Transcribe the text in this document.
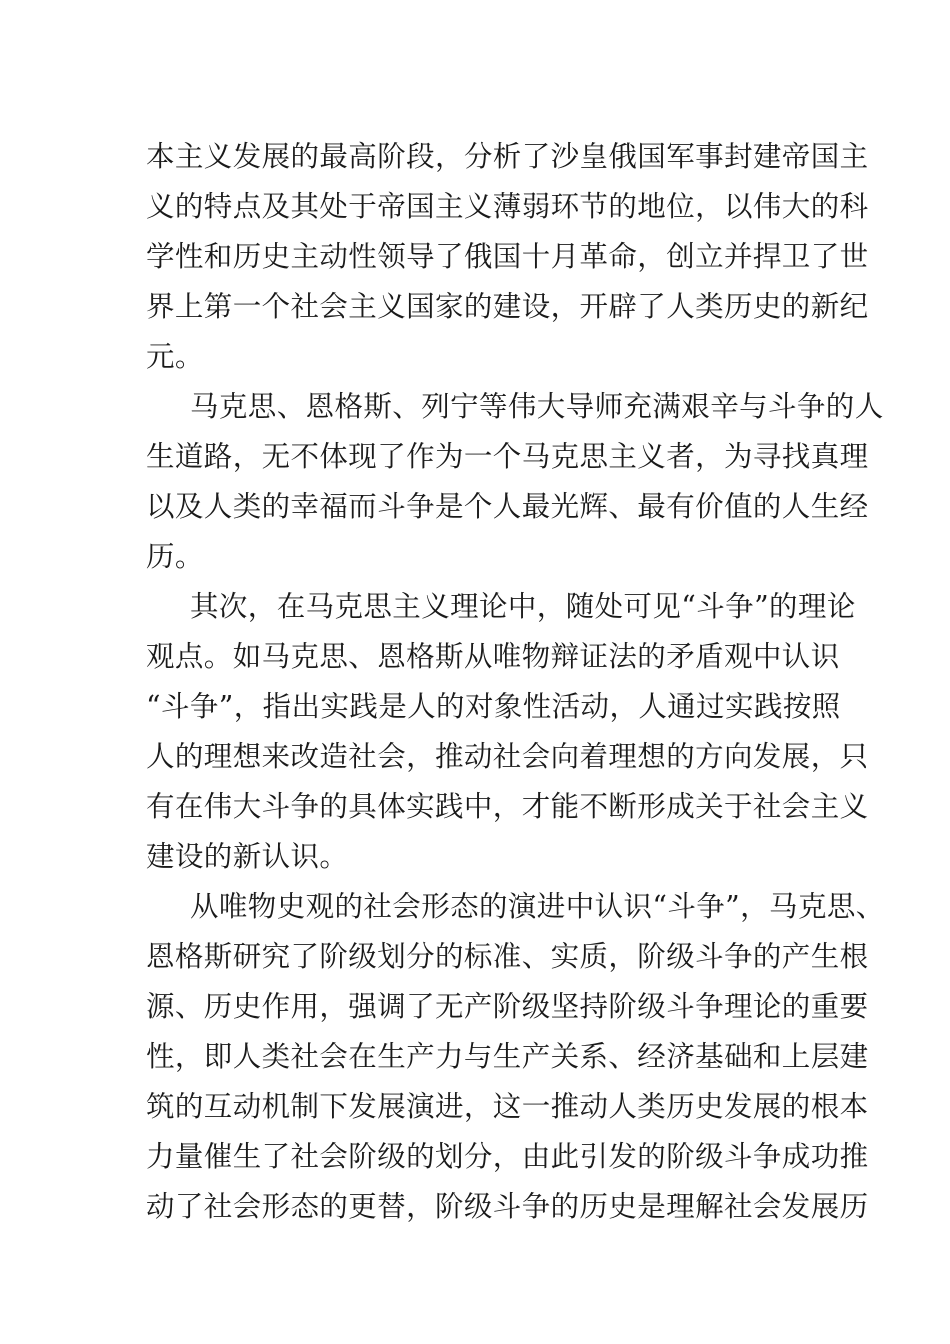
本主义发展的最高阶段，分析了沙皇俄国军事封建帝国主
义的特点及其处于帝国主义薄弱环节的地位，以伟大的科
学性和历史主动性领导了俄国十月革命，创立并捍卫了世
界上第一个社会主义国家的建设，开辟了人类历史的新纪
元。
马克思、恩格斯、列宁等伟大导师充满艰辛与斗争的人
生道路，无不体现了作为一个马克思主义者，为寻找真理
以及人类的幸福而斗争是个人最光辉、最有价值的人生经
历。
其次，在马克思主义理论中，随处可见“斗争”的理论
观点。如马克思、恩格斯从唯物辩证法的矛盾观中认识
“斗争”，指出实践是人的对象性活动，人通过实践按照
人的理想来改造社会，推动社会向着理想的方向发展，只
有在伟大斗争的具体实践中，才能不断形成关于社会主义
建设的新认识。
从唯物史观的社会形态的演进中认识“斗争”，马克思、
恩格斯研究了阶级划分的标准、实质，阶级斗争的产生根
源、历史作用，强调了无产阶级坚持阶级斗争理论的重要
性，即人类社会在生产力与生产关系、经济基础和上层建
筑的互动机制下发展演进，这一推动人类历史发展的根本
力量催生了社会阶级的划分，由此引发的阶级斗争成功推
动了社会形态的更替，阶级斗争的历史是理解社会发展历
